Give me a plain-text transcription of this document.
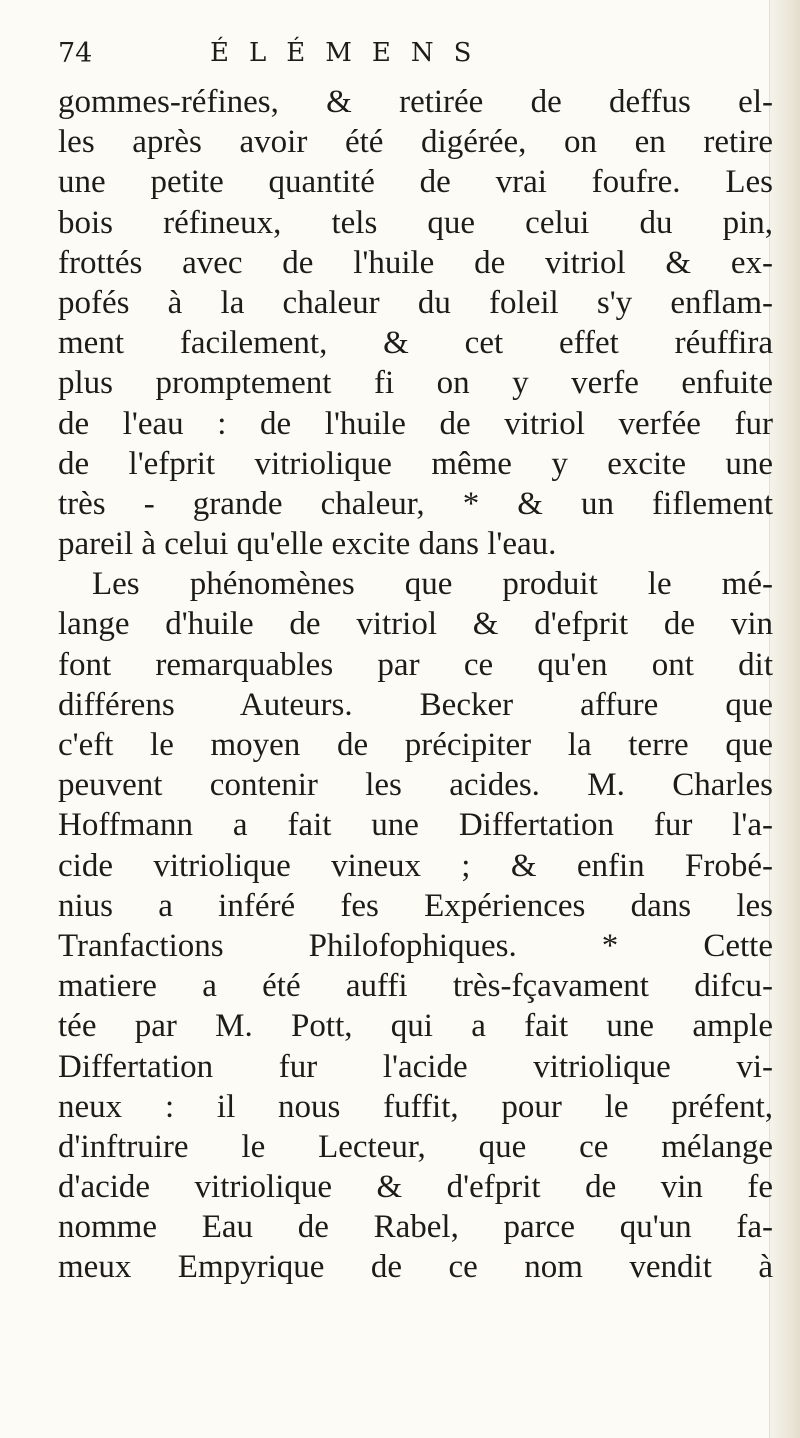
74	ÉLÉMENS
gommes-réfines, & retirée de deffus el-
les après avoir été digérée, on en retire
une petite quantité de vrai foufre. Les
bois réfineux, tels que celui du pin,
frottés avec de l'huile de vitriol & ex-
pofés à la chaleur du foleil s'y enflam-
ment facilement, & cet effet réuffira
plus promptement fi on y verfe enfuite
de l'eau : de l'huile de vitriol verfée fur
de l'efprit vitriolique même y excite une
très - grande chaleur, * & un fiflement
pareil à celui qu'elle excite dans l'eau.
Les phénomènes que produit le mé-
lange d'huile de vitriol & d'efprit de vin
font remarquables par ce qu'en ont dit
différens Auteurs. Becker affure que
c'eft le moyen de précipiter la terre que
peuvent contenir les acides. M. Charles
Hoffmann a fait une Differtation fur l'a-
cide vitriolique vineux ; & enfin Frobé-
nius a inféré fes Expériences dans les
Tranfactions Philofophiques. * Cette
matiere a été auffi très-fçavament difcu-
tée par M. Pott, qui a fait une ample
Differtation fur l'acide vitriolique vi-
neux : il nous fuffit, pour le préfent,
d'inftruire le Lecteur, que ce mélange
d'acide vitriolique & d'efprit de vin fe
nomme Eau de Rabel, parce qu'un fa-
meux Empyrique de ce nom vendit à
